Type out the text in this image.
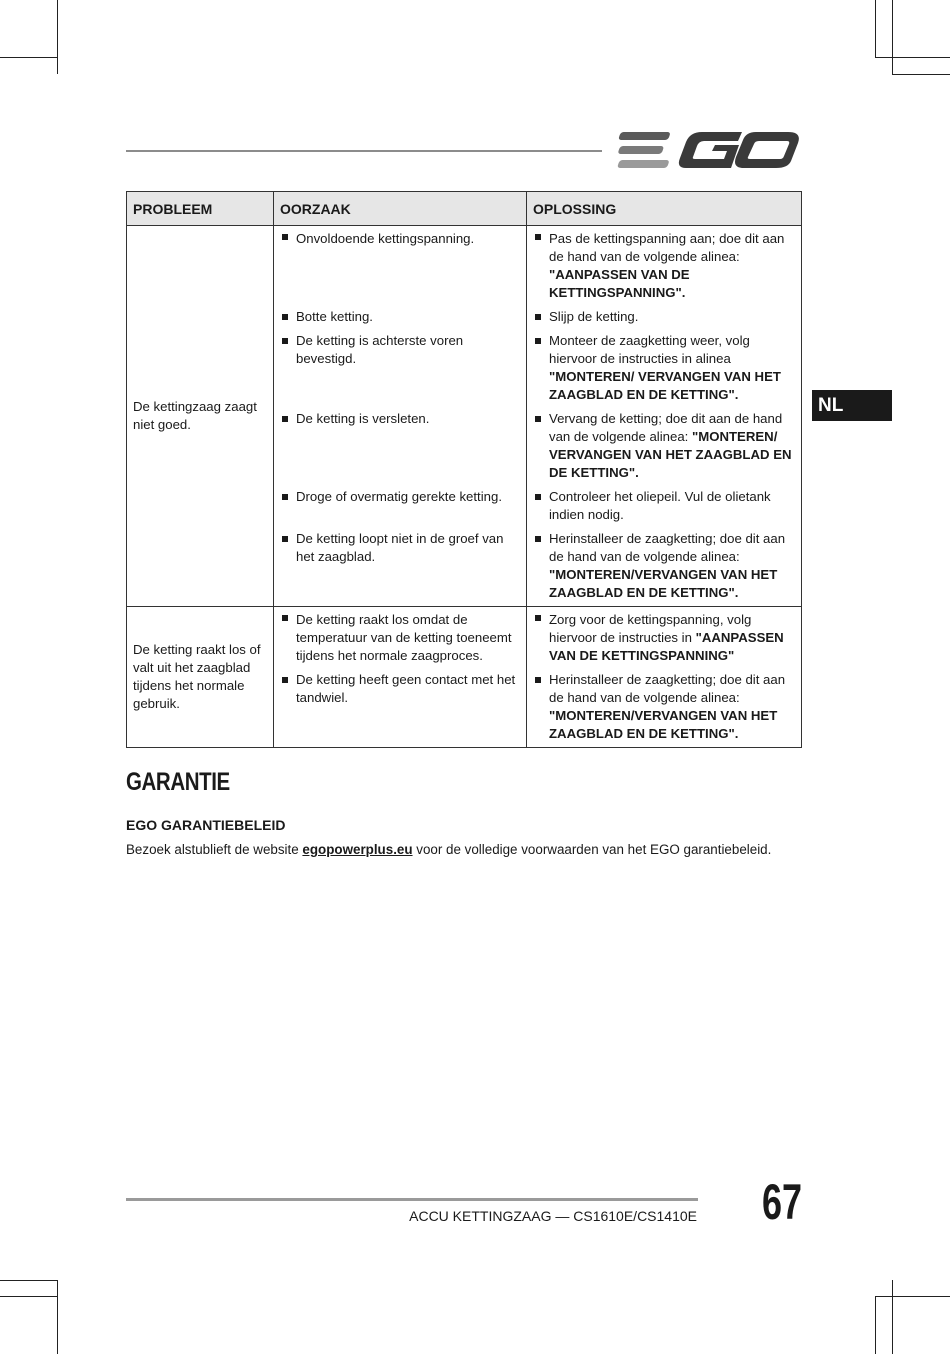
NL
PROBLEEM	OORZAAK	OPLOSSING
De kettingzaag zaagt niet goed.	Onvoldoende kettingspanning.	Pas de kettingspanning aan; doe dit aan de hand van de volgende alinea: "AANPASSEN VAN DE KETTINGSPANNING".

	Botte ketting.	Slijp de ketting.

	De ketting is achterste voren bevestigd.	Monteer de zaagketting weer, volg hiervoor de instructies in alinea "MONTEREN/ VERVANGEN VAN HET ZAAGBLAD EN DE KETTING".

	De ketting is versleten.	Vervang de ketting; doe dit aan de hand van de volgende alinea: "MONTEREN/ VERVANGEN VAN HET ZAAGBLAD EN DE KETTING".

	Droge of overmatig gerekte ketting.	Controleer het oliepeil. Vul de olietank indien nodig.

	De ketting loopt niet in de groef van het zaagblad.	Herinstalleer de zaagketting; doe dit aan de hand van de volgende alinea: "MONTEREN/VERVANGEN VAN HET ZAAGBLAD EN DE KETTING".

De ketting raakt los of valt uit het zaagblad tijdens het normale gebruik.	De ketting raakt los omdat de temperatuur van de ketting toeneemt tijdens het normale zaagproces.	Zorg voor de kettingspanning, volg hiervoor de instructies in "AANPASSEN VAN DE KETTINGSPANNING"

	De ketting heeft geen contact met het tandwiel.	Herinstalleer de zaagketting; doe dit aan de hand van de volgende alinea: "MONTEREN/VERVANGEN VAN HET ZAAGBLAD EN DE KETTING".
GARANTIE
EGO GARANTIEBELEID

Bezoek alstublieft de website egopowerplus.eu voor de volledige voorwaarden van het EGO garantiebeleid.

ACCU KETTINGZAAG — CS1610E/CS1410E 67
